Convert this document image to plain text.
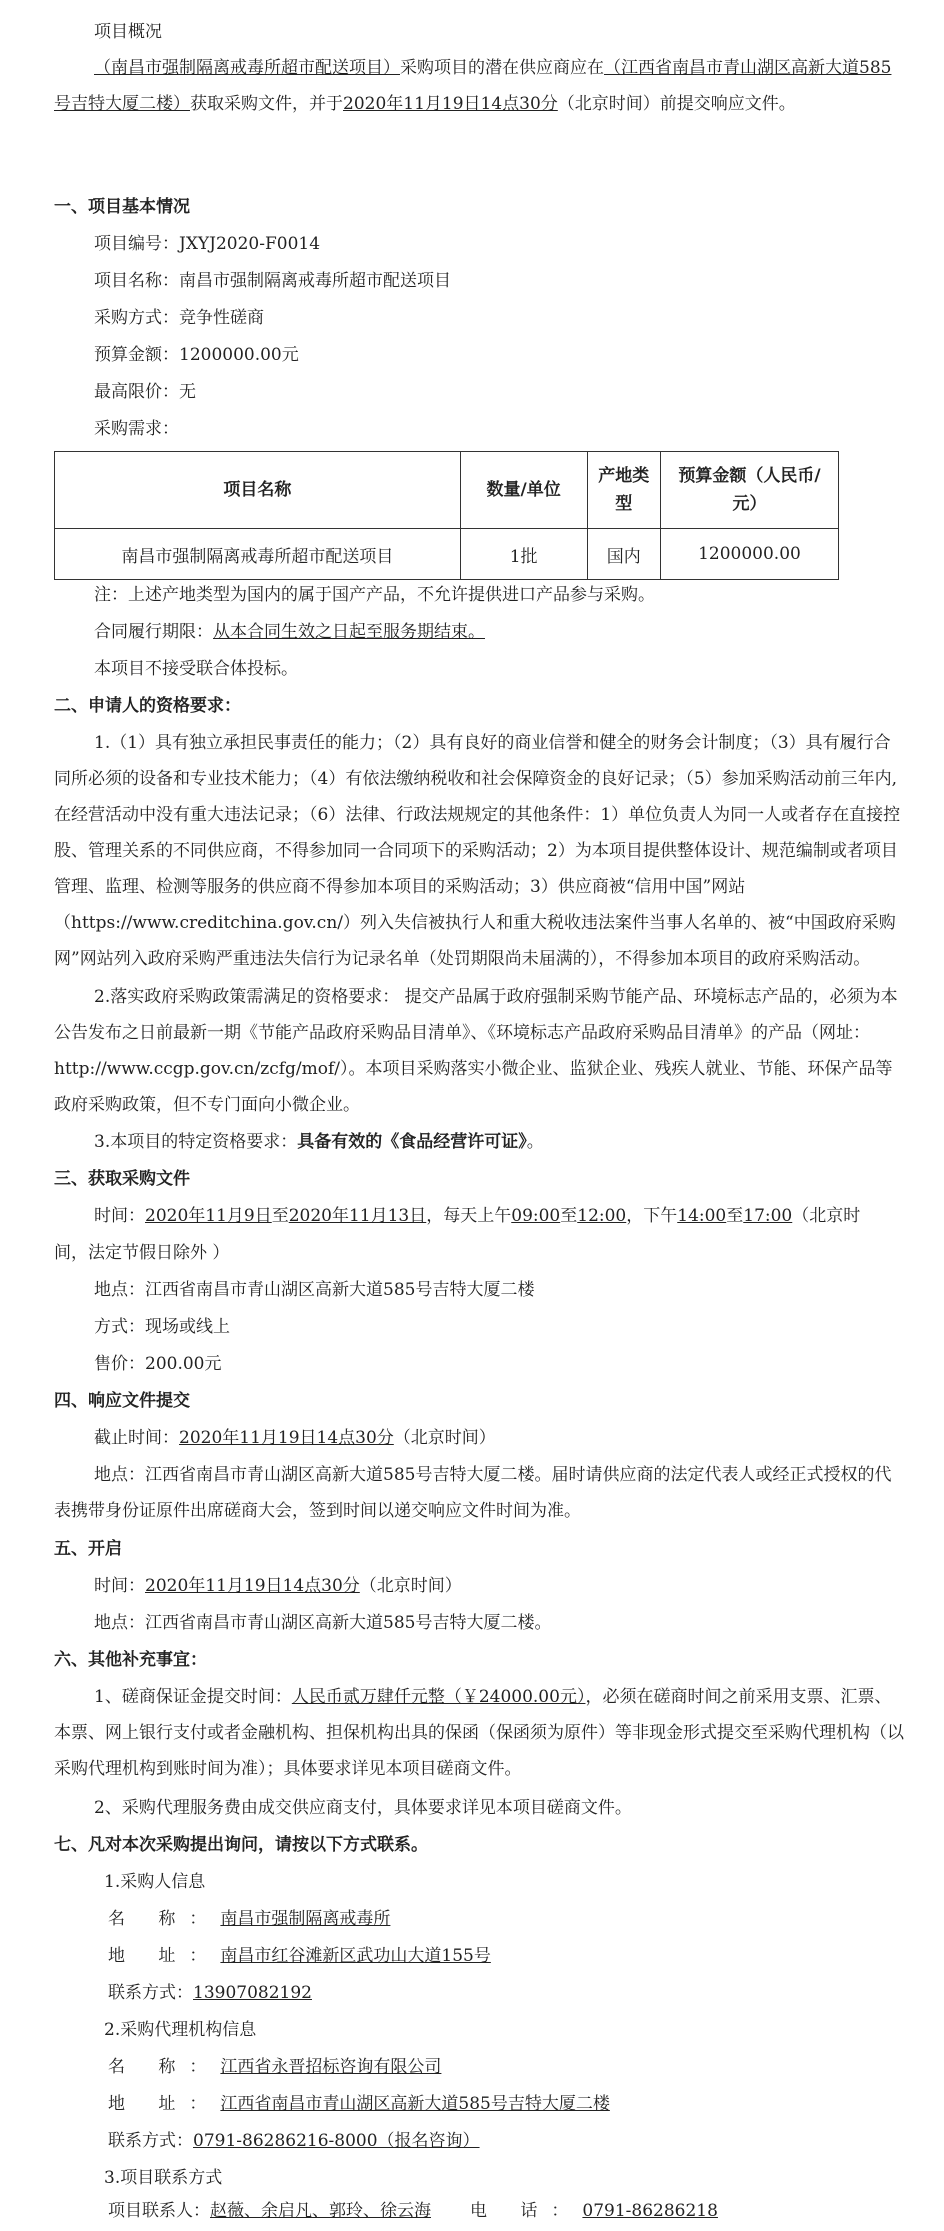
项目概况
（南昌市强制隔离戒毒所超市配送项目）采购项目的潜在供应商应在（江西省南昌市青山湖区高新大道585号吉特大厦二楼）获取采购文件，并于2020年11月19日14点30分（北京时间）前提交响应文件。
一、项目基本情况
项目编号：JXYJ2020-F0014
项目名称：南昌市强制隔离戒毒所超市配送项目
采购方式：竞争性磋商
预算金额：1200000.00元
最高限价：无
采购需求：
项目名称	数量/单位	产地类型	预算金额（人民币/元）
南昌市强制隔离戒毒所超市配送项目	1批	国内	1200000.00
注：上述产地类型为国内的属于国产产品，不允许提供进口产品参与采购。
合同履行期限：从本合同生效之日起至服务期结束。
本项目不接受联合体投标。
二、申请人的资格要求：
1.（1）具有独立承担民事责任的能力；（2）具有良好的商业信誉和健全的财务会计制度；（3）具有履行合同所必须的设备和专业技术能力；（4）有依法缴纳税收和社会保障资金的良好记录；（5）参加采购活动前三年内,在经营活动中没有重大违法记录；（6）法律、行政法规规定的其他条件：1）单位负责人为同一人或者存在直接控股、管理关系的不同供应商，不得参加同一合同项下的采购活动；2）为本项目提供整体设计、规范编制或者项目管理、监理、检测等服务的供应商不得参加本项目的采购活动；3）供应商被“信用中国”网站（https://www.creditchina.gov.cn/）列入失信被执行人和重大税收违法案件当事人名单的、被“中国政府采购网”网站列入政府采购严重违法失信行为记录名单（处罚期限尚未届满的），不得参加本项目的政府采购活动。
2.落实政府采购政策需满足的资格要求： 提交产品属于政府强制采购节能产品、环境标志产品的，必须为本公告发布之日前最新一期《节能产品政府采购品目清单》、《环境标志产品政府采购品目清单》的产品（网址：http://www.ccgp.gov.cn/zcfg/mof/）。本项目采购落实小微企业、监狱企业、残疾人就业、节能、环保产品等政府采购政策，但不专门面向小微企业。
3.本项目的特定资格要求：具备有效的《食品经营许可证》。
三、获取采购文件
时间：2020年11月9日至2020年11月13日，每天上午09:00至12:00，下午14:00至17:00（北京时
间，法定节假日除外 ）
地点：江西省南昌市青山湖区高新大道585号吉特大厦二楼
方式：现场或线上
售价：200.00元
四、响应文件提交
截止时间：2020年11月19日14点30分（北京时间）
地点：江西省南昌市青山湖区高新大道585号吉特大厦二楼。届时请供应商的法定代表人或经正式授权的代表携带身份证原件出席磋商大会，签到时间以递交响应文件时间为准。
五、开启
时间：2020年11月19日14点30分（北京时间）
地点：江西省南昌市青山湖区高新大道585号吉特大厦二楼。
六、其他补充事宜：
1、磋商保证金提交时间：人民币贰万肆仟元整（￥24000.00元），必须在磋商时间之前采用支票、汇票、本票、网上银行支付或者金融机构、担保机构出具的保函（保函须为原件）等非现金形式提交至采购代理机构（以采购代理机构到账时间为准）；具体要求详见本项目磋商文件。
2、采购代理服务费由成交供应商支付，具体要求详见本项目磋商文件。
七、凡对本次采购提出询问，请按以下方式联系。
1.采购人信息
名 称：南昌市强制隔离戒毒所
地 址：南昌市红谷滩新区武功山大道155号
联系方式：13907082192
2.采购代理机构信息
名 称：江西省永晋招标咨询有限公司
地 址：江西省南昌市青山湖区高新大道585号吉特大厦二楼
联系方式：0791-86286216-8000（报名咨询）
3.项目联系方式
项目联系人：赵薇、余启凡、郭玲、徐云海 电 话：0791-86286218
